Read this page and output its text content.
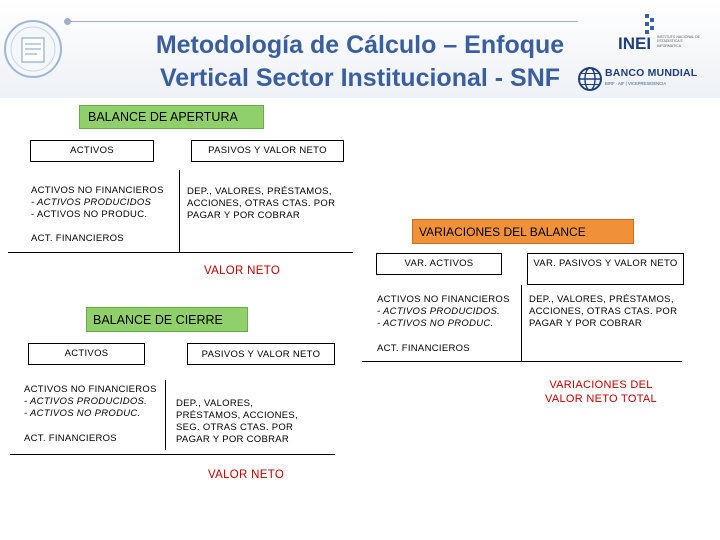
Metodología de Cálculo – Enfoque
Vertical Sector Institucional - SNF
INEI INSTITUTO NACIONAL DE ESTADÍSTICA E INFORMÁTICA
BANCO MUNDIAL
BIRF · AIF | VICEPRESIDENCIA
BALANCE DE APERTURA
ACTIVOS	PASIVOS Y VALOR NETO
ACTIVOS NO FINANCIEROS
- ACTIVOS PRODUCIDOS
- ACTIVOS NO PRODUC.
ACT. FINANCIEROS
DEP., VALORES, PRÉSTAMOS, ACCIONES, OTRAS CTAS. POR PAGAR Y POR COBRAR
VALOR NETO
BALANCE DE CIERRE
ACTIVOS	PASIVOS Y VALOR NETO
ACTIVOS NO FINANCIEROS
- ACTIVOS PRODUCIDOS.
- ACTIVOS NO PRODUC.
ACT. FINANCIEROS
DEP., VALORES, PRÉSTAMOS, ACCIONES, SEG. OTRAS CTAS. POR PAGAR Y POR COBRAR
VALOR NETO
VARIACIONES DEL BALANCE
VAR. ACTIVOS	VAR. PASIVOS Y VALOR NETO
ACTIVOS NO FINANCIEROS
- ACTIVOS PRODUCIDOS.
- ACTIVOS NO PRODUC.
ACT. FINANCIEROS
DEP., VALORES, PRÉSTAMOS, ACCIONES, OTRAS CTAS. POR PAGAR Y POR COBRAR
VARIACIONES DEL VALOR NETO TOTAL
